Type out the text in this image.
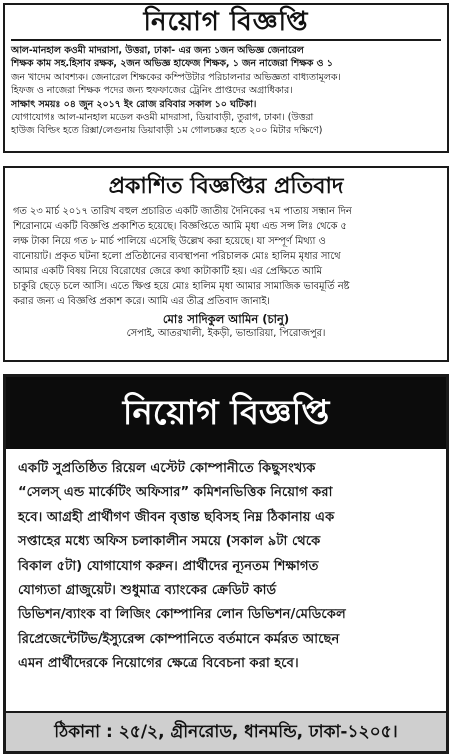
নিয়োগ বিজ্ঞপ্তি
আল-মানহাল কওমী মাদরাসা, উত্তরা, ঢাকা- এর জন্য ১জন অভিজ্ঞ জেনারেল
শিক্ষক কাম সহ.হিসাব রক্ষক, ২জন অভিজ্ঞ হাফেজ শিক্ষক, ১ জন নাজেরা শিক্ষক ও ১
জন খাদেম আবশ্যক। জেনারেল শিক্ষকের কম্পিউটার পরিচালনার অভিজ্ঞতা বাধ্যতামূলক।
হিফজ ও নাজেরা শিক্ষক পদের জন্য হুফফাজের ট্রেনিং প্রাপ্তদের অগ্রাধিকার।
সাক্ষাৎ সময়ঃ ০৪ জুন ২০১৭ ইং রোজ রবিবার সকাল ১০ ঘটিকা।
যোগাযোগঃ আল-মানহাল মডেল কওমী মাদরাসা, ডিয়াবাড়ী, তুরাগ, ঢাকা। (উত্তরা
হাউজ বিল্ডিং হতে রিক্সা/লেগুনায় ডিয়াবাড়ী ১ম গোলচক্কর হতে ২০০ মিটার দক্ষিণে)
প্রকাশিত বিজ্ঞপ্তির প্রতিবাদ
গত ২৩ মার্চ ২০১৭ তারিখ বহুল প্রচারিত একটি জাতীয় দৈনিকের ৭ম পাতায় সন্ধান দিন
শিরোনামে একটি বিজ্ঞপ্তি প্রকাশিত হয়েছে। বিজ্ঞপ্তিতে আমি মৃধা এন্ড সন্স লিঃ থেকে ৫
লক্ষ টাকা নিয়ে গত ৮ মার্চ পালিয়ে এসেছি উল্লেখ করা হয়েছে। যা সম্পূর্ণ মিথ্যা ও
বানোয়াট। প্রকৃত ঘটনা হলো প্রতিষ্ঠানের ব্যবস্থাপনা পরিচালক মোঃ হালিম মৃধার সাথে
আমার একটি বিষয় নিয়ে বিরোধের জেরে কথা কাটাকাটি হয়। এর প্রেক্ষিতে আমি
চাকুরি ছেড়ে চলে আসি। এতে ক্ষিপ্ত হয়ে মোঃ হালিম মৃধা আমার সামাজিক ভাবমূর্তি নষ্ট
করার জন্য এ বিজ্ঞপ্তি প্রকাশ করে। আমি এর তীব্র প্রতিবাদ জানাই।
মোঃ সাদিকুল আমিন (চানু)
সেপাই, আতরখালী, ইকড়ী, ভান্ডারিয়া, পিরোজপুর।
নিয়োগ বিজ্ঞপ্তি
একটি সুপ্রতিষ্ঠিত রিয়েল এস্টেট কোম্পানীতে কিছুসংখ্যক
“সেলস্ এন্ড মার্কেটিং অফিসার” কমিশনভিত্তিক নিয়োগ করা
হবে। আগ্রহী প্রার্থীগণ জীবন বৃত্তান্ত ছবিসহ নিম্ন ঠিকানায় এক
সপ্তাহের মধ্যে অফিস চলাকালীন সময়ে (সকাল ৯টা থেকে
বিকাল ৫টা) যোগাযোগ করুন। প্রার্থীদের ন্যূনতম শিক্ষাগত
যোগ্যতা গ্রাজুয়েট। শুধুমাত্র ব্যাংকের ক্রেডিট কার্ড
ডিভিশন/ব্যাংক বা লিজিং কোম্পানির লোন ডিভিশন/মেডিকেল
রিপ্রেজেন্টেটিভ/ইস্যুরেন্স কোম্পানিতে বর্তমানে কর্মরত আছেন
এমন প্রার্থীদেরকে নিয়োগের ক্ষেত্রে বিবেচনা করা হবে।
ঠিকানা : ২৫/২, গ্রীনরোড, ধানমন্ডি, ঢাকা-১২০৫।
